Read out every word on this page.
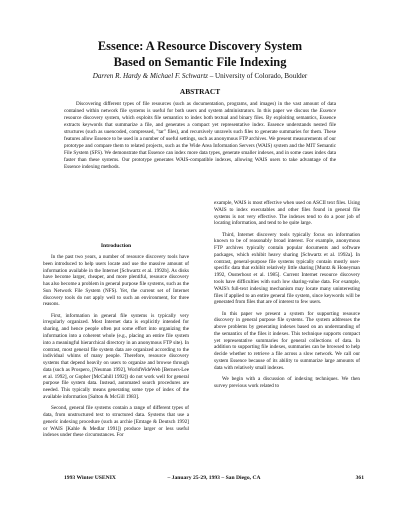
Essence: A Resource Discovery System
Based on Semantic File Indexing
Darren R. Hardy & Michael F. Schwartz – University of Colorado, Boulder
ABSTRACT

Discovering different types of file resources (such as documentation, programs, and images) in the vast amount of data contained within network file systems is useful for both users and system administrators. In this paper we discuss the Essence resource discovery system, which exploits file semantics to index both textual and binary files. By exploiting semantics, Essence extracts keywords that summarize a file, and generates a compact yet representative index. Essence understands nested file structures (such as uuencoded, compressed, "tar" files), and recursively unravels such files to generate summaries for them. These features allow Essence to be used in a number of useful settings, such as anonymous FTP archives. We present measurements of our prototype and compare them to related projects, such as the Wide Area Information Servers (WAIS) system and the MIT Semantic File System (SFS). We demonstrate that Essence can index more data types, generate smaller indexes, and in some cases index data faster than these systems. Our prototype generates WAIS-compatible indexes, allowing WAIS users to take advantage of the Essence indexing methods.

Introduction

In the past two years, a number of resource discovery tools have been introduced to help users locate and use the massive amount of information available in the Internet [Schwartz et al. 1992b]. As disks have become larger, cheaper, and more plentiful, resource discovery has also become a problem in general purpose file systems, such as the Sun Network File System (NFS). Yet, the current set of Internet discovery tools do not apply well to such an environment, for three reasons.

First, information in general file systems is typically very irregularly organized. Most Internet data is explicitly intended for sharing, and hence people often put some effort into organizing the information into a coherent whole (e.g., placing an entire file system into a meaningful hierarchical directory in an anonymous FTP site). In contrast, most general file system data are organized according to the individual whims of many people. Therefore, resource discovery systems that depend heavily on users to organize and browse through data (such as Prospero, [Neuman 1992], WorldWideWeb [Berners-Lee et al. 1992], or Gopher [McCahill 1992]) do not work well for general purpose file system data. Instead, automated search procedures are needed. This typically means generating some type of index of the available information [Salton & McGill 1983].

Second, general file systems contain a range of different types of data, from unstructured text to structured data. Systems that use a generic indexing procedure (such as archie [Emtage & Deutsch 1992] or WAIS [Kahle & Medlar 1991]) produce larger or less useful indexes under these circumstances. For

example, WAIS is most effective when used on ASCII text files. Using WAIS to index executables and other files found in general file systems is not very effective. The indexes tend to do a poor job of locating information, and tend to be quite large.

Third, Internet discovery tools typically focus on information known to be of reasonably broad interest. For example, anonymous FTP archives typically contain popular documents and software packages, which exhibit heavy sharing [Schwartz et al. 1992a]. In contrast, general-purpose file systems typically contain mostly user-specific data that exhibit relatively little sharing [Muntz & Honeyman 1992, Ousterhout et al. 1985]. Current Internet resource discovery tools have difficulties with such low sharing-value data. For example, WAIS's full-text indexing mechanism may locate many uninteresting files if applied to an entire general file system, since keywords will be generated from files that are of interest to few users.

In this paper we present a system for supporting resource discovery in general purpose file systems. The system addresses the above problems by generating indexes based on an understanding of the semantics of the files it indexes. This technique supports compact yet representative summaries for general collections of data. In addition to supporting file indexes, summaries can be browsed to help decide whether to retrieve a file across a slow network. We call our system Essence because of its ability to summarize large amounts of data with relatively small indexes.

We begin with a discussion of indexing techniques. We then survey previous work related to

1993 Winter USENIX	– January 25-29, 1993 – San Diego, CA	361
